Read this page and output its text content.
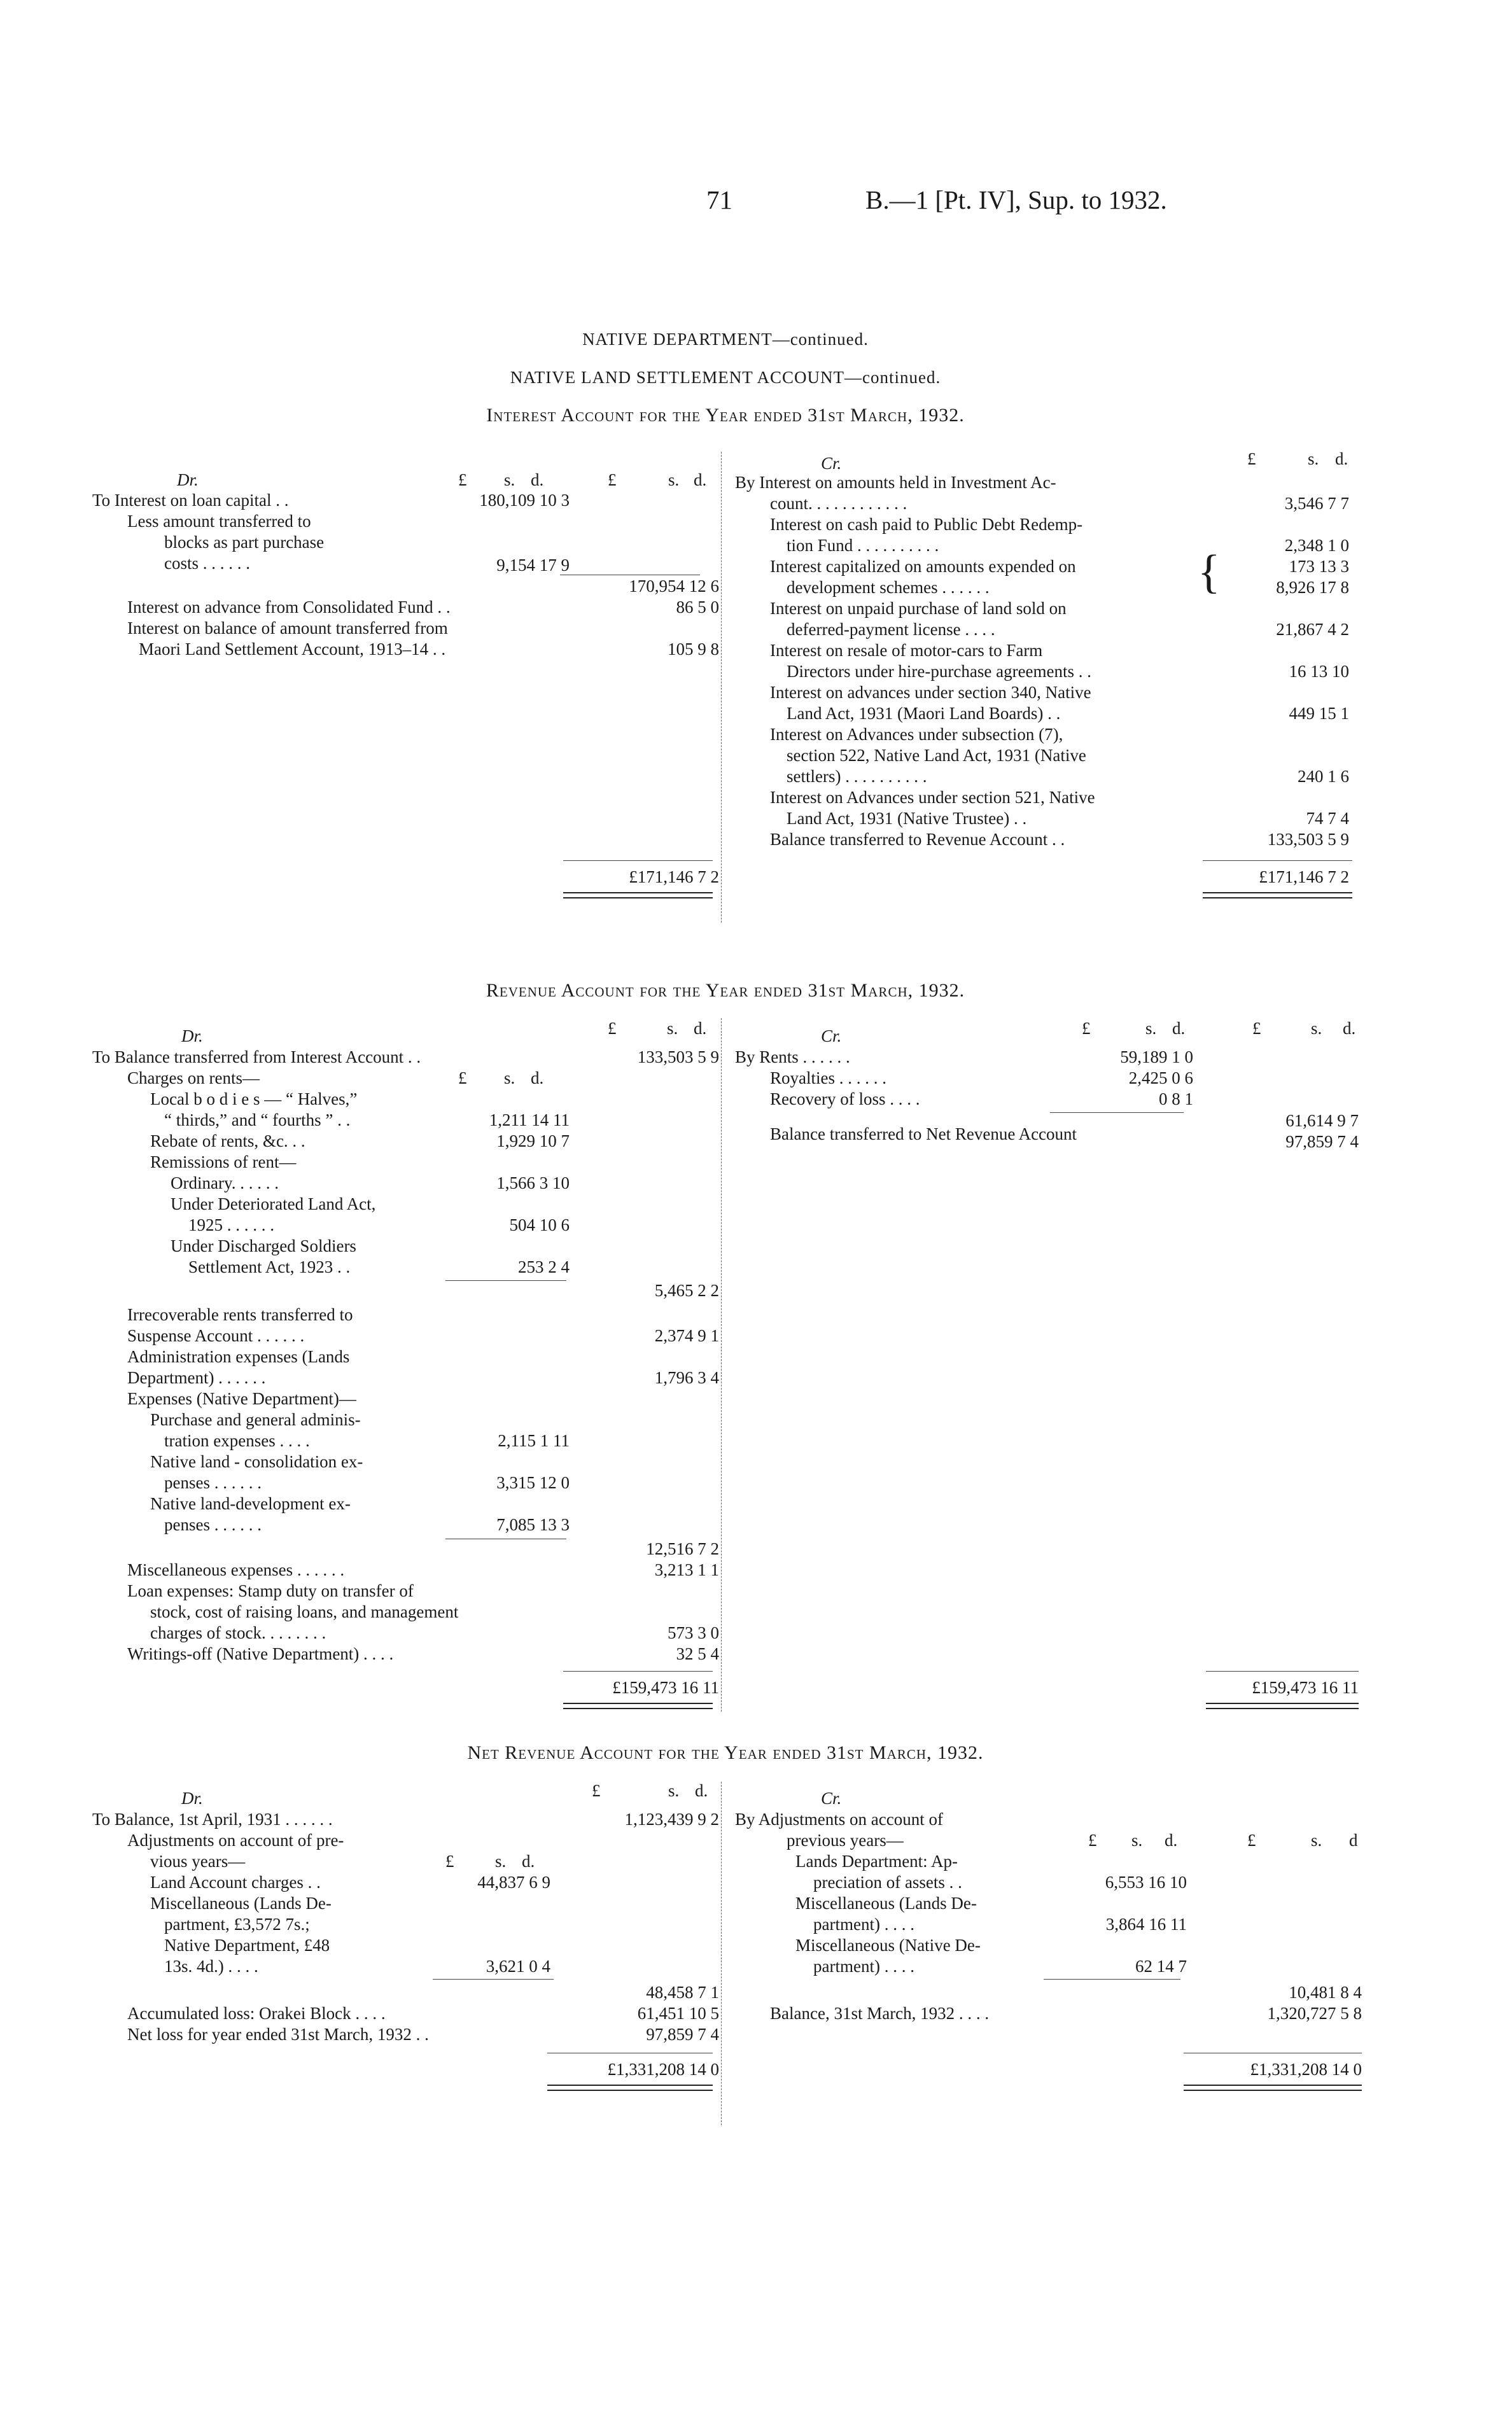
71	B.—1 [Pt. IV], Sup. to 1932.
NATIVE DEPARTMENT—continued.
NATIVE LAND SETTLEMENT ACCOUNT—continued.
Interest Account for the Year ended 31st March, 1932.
Dr.	£ s. d.	£	s. d.
To Interest on loan capital . .	180,109 10 3
Less amount transferred to
blocks as part purchase
costs . . . . . .	9,154 17 9
170,954 12 6
Interest on advance from Consolidated Fund . .	86 5 0
Interest on balance of amount transferred from
Maori Land Settlement Account, 1913–14 . .	105 9 8
£171,146 7 2
Cr.	£	s. d.
By Interest on amounts held in Investment Ac-
count. . . . . . . . . . . .	3,546 7 7
Interest on cash paid to Public Debt Redemp-
tion Fund . . . . . . . . . .	2,348 1 0
Interest capitalized on amounts expended on	{	173 13 3
development schemes . . . . . .	8,926 17 8
Interest on unpaid purchase of land sold on
deferred-payment license . . . .	21,867 4 2
Interest on resale of motor-cars to Farm
Directors under hire-purchase agreements . .	16 13 10
Interest on advances under section 340, Native
Land Act, 1931 (Maori Land Boards) . .	449 15 1
Interest on Advances under subsection (7),
section 522, Native Land Act, 1931 (Native
settlers) . . . . . . . . . .	240 1 6
Interest on Advances under section 521, Native
Land Act, 1931 (Native Trustee) . .	74 7 4
Balance transferred to Revenue Account . .	133,503 5 9
£171,146 7 2
Revenue Account for the Year ended 31st March, 1932.
Dr.	£	s. d.
To Balance transferred from Interest Account . .	133,503 5 9
Charges on rents—	£ s. d.
Local b o d i e s — “ Halves,”
“ thirds,” and “ fourths ” . .	1,211 14 11
Rebate of rents, &c. . .	1,929 10 7
Remissions of rent—
Ordinary. . . . . .	1,566 3 10
Under Deteriorated Land Act,
1925 . . . . . .	504 10 6
Under Discharged Soldiers
Settlement Act, 1923 . .	253 2 4
5,465 2 2
Irrecoverable rents transferred to
Suspense Account . . . . . .	2,374 9 1
Administration expenses (Lands
Department) . . . . . .	1,796 3 4
Expenses (Native Department)—
Purchase and general adminis-
tration expenses . . . .	2,115 1 11
Native land - consolidation ex-
penses . . . . . .	3,315 12 0
Native land-development ex-
penses . . . . . .	7,085 13 3
12,516 7 2
Miscellaneous expenses . . . . . .	3,213 1 1
Loan expenses: Stamp duty on transfer of
stock, cost of raising loans, and management
charges of stock. . . . . . . .	573 3 0
Writings-off (Native Department) . . . .	32 5 4
£159,473 16 11
Cr.	£	s. d.	£	s. d.
By Rents . . . . . .	59,189 1 0
Royalties . . . . . .	2,425 0 6
Recovery of loss . . . .	0 8 1
61,614 9 7
Balance transferred to Net Revenue Account	97,859 7 4
£159,473 16 11
Net Revenue Account for the Year ended 31st March, 1932.
Dr.	£	s. d.
To Balance, 1st April, 1931 . . . . . .	1,123,439 9 2
Adjustments on account of pre-
vious years—	£ s. d.
Land Account charges . .	44,837 6 9
Miscellaneous (Lands De-
partment, £3,572 7s.;
Native Department, £48
13s. 4d.) . . . .	3,621 0 4
48,458 7 1
Accumulated loss: Orakei Block . . . .	61,451 10 5
Net loss for year ended 31st March, 1932 . .	97,859 7 4
£1,331,208 14 0
Cr.
By Adjustments on account of
previous years—	£ s. d.	£	s. d
Lands Department: Ap-
preciation of assets . .	6,553 16 10
Miscellaneous (Lands De-
partment) . . . .	3,864 16 11
Miscellaneous (Native De-
partment) . . . .	62 14 7
10,481 8 4
Balance, 31st March, 1932 . . . .	1,320,727 5 8
£1,331,208 14 0
